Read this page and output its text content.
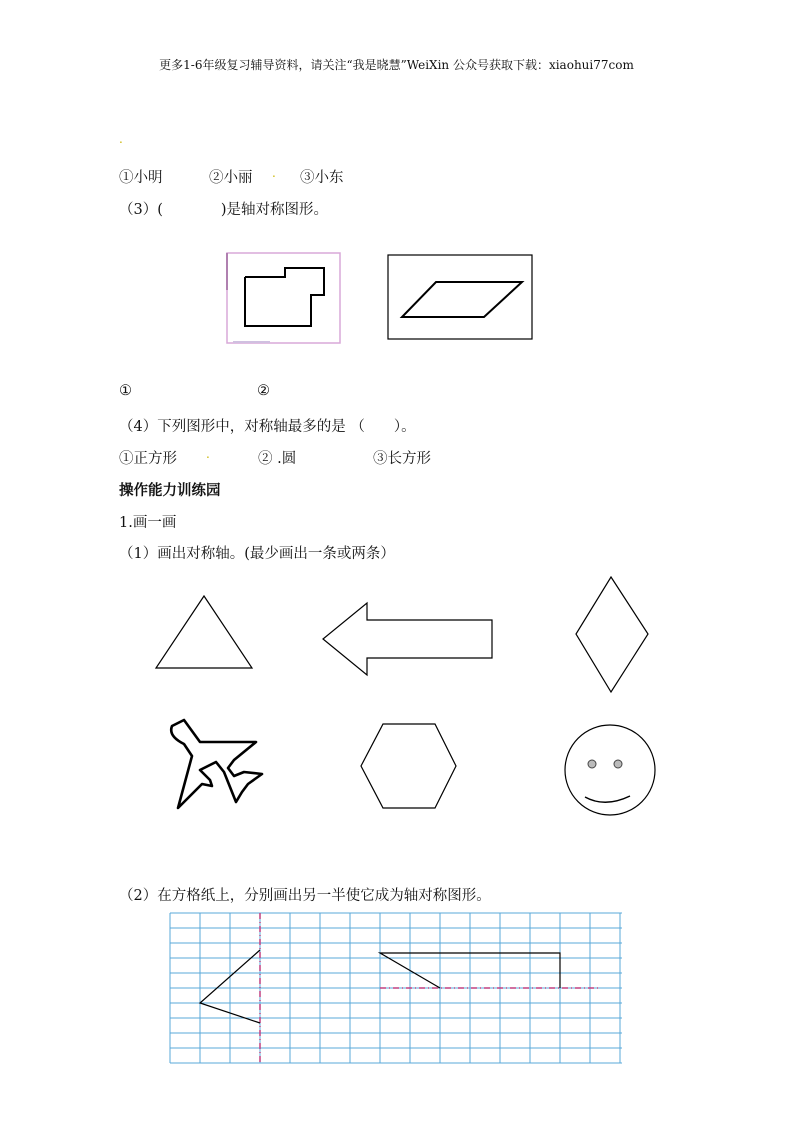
更多1-6年级复习辅导资料，请关注“我是晓慧”WeiXin 公众号获取下载：xiaohui77com
.
①小明	②小丽 . ③小东
（3）(　　　　)是轴对称图形。
①	②
（4）下列图形中，对称轴最多的是 （　　）。
①正方形 .	② .圆	③长方形
操作能力训练园
1.画一画
（1）画出对称轴。(最少画出一条或两条）
（2）在方格纸上，分别画出另一半使它成为轴对称图形。
